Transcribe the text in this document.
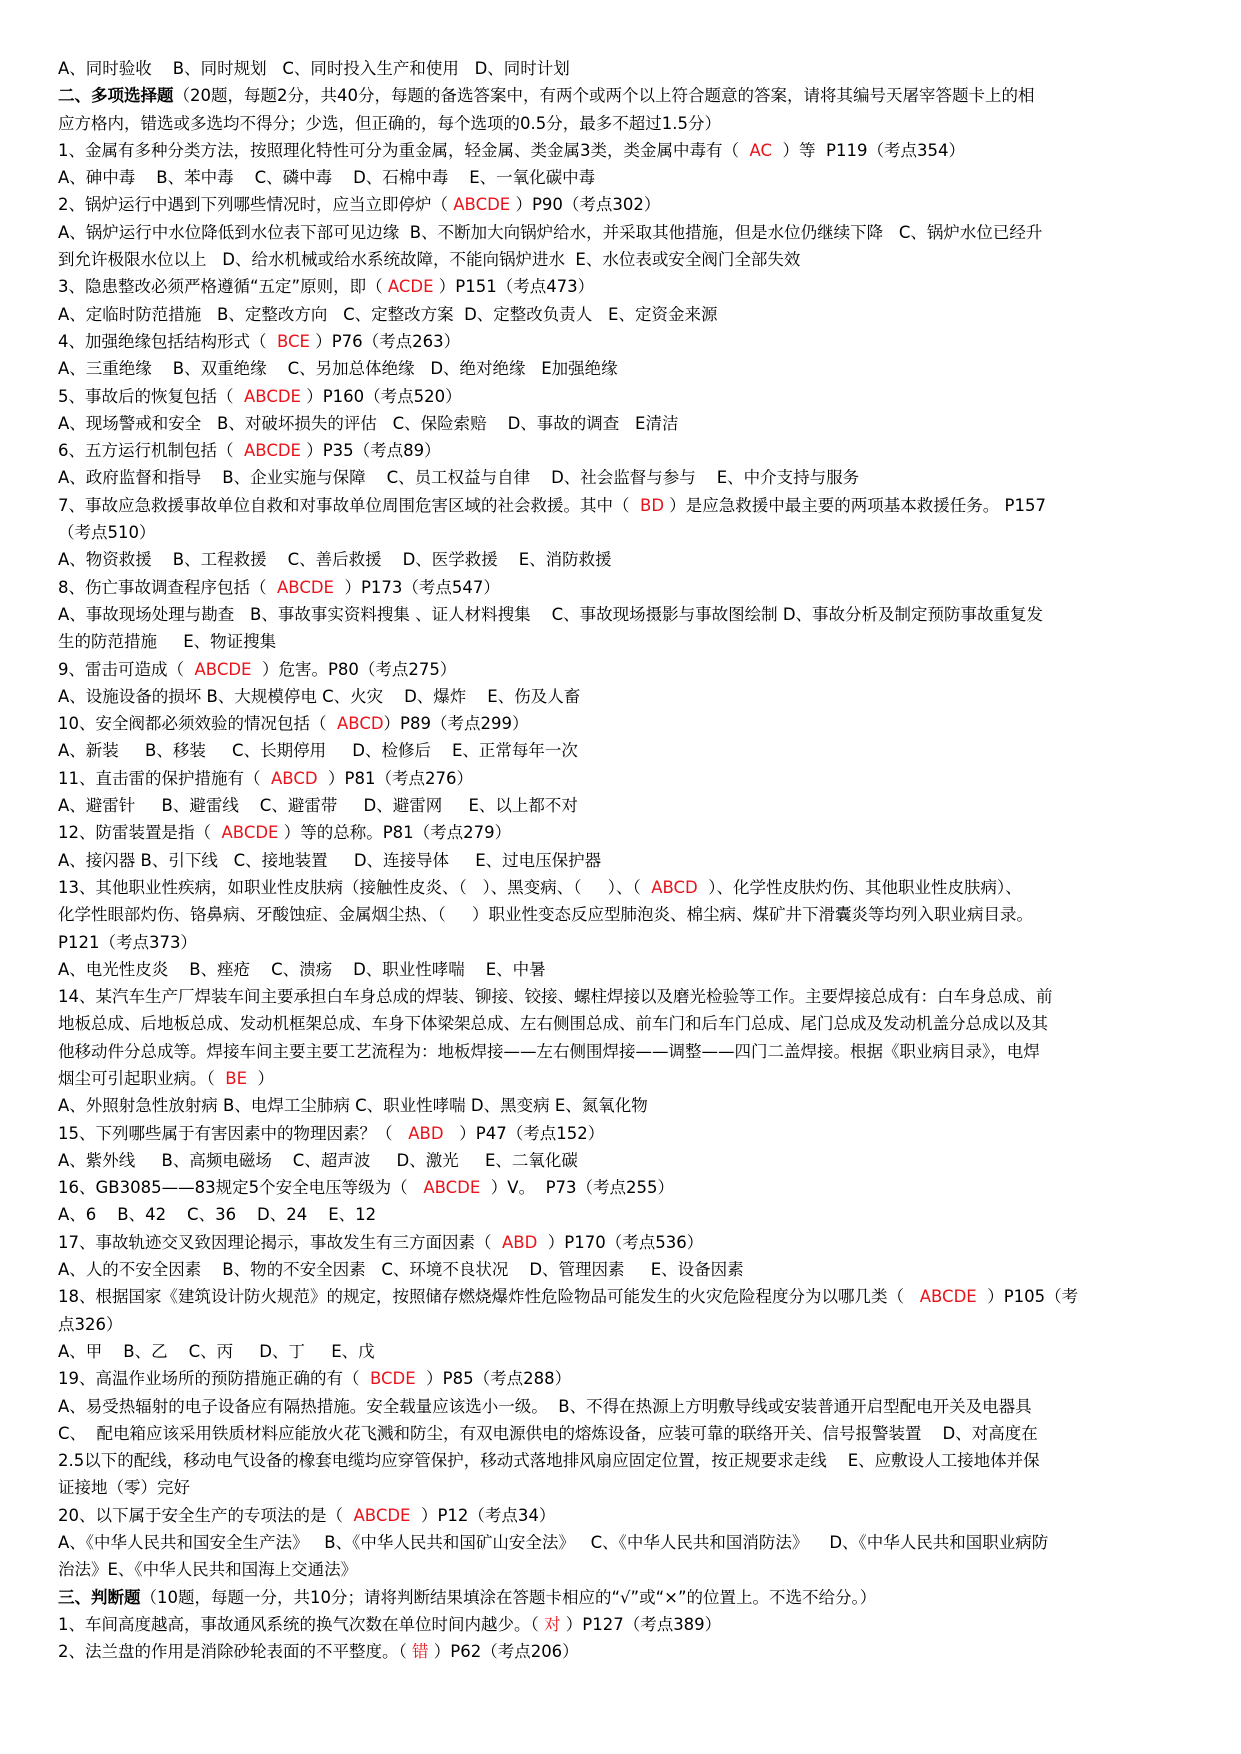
A、同时验收    B、同时规划   C、同时投入生产和使用   D、同时计划
二、多项选择题（20题，每题2分，共40分，每题的备选答案中，有两个或两个以上符合题意的答案，请将其编号天屠宰答题卡上的相
应方格内，错选或多选均不得分；少选，但正确的，每个选项的0.5分，最多不超过1.5分）
1、金属有多种分类方法，按照理化特性可分为重金属，轻金属、类金属3类，类金属中毒有（  AC  ）等  P119（考点354）
A、砷中毒    B、苯中毒    C、磷中毒    D、石棉中毒    E、一氧化碳中毒
2、锅炉运行中遇到下列哪些情况时，应当立即停炉（ ABCDE ）P90（考点302）
A、锅炉运行中水位降低到水位表下部可见边缘  B、不断加大向锅炉给水，并采取其他措施，但是水位仍继续下降   C、锅炉水位已经升
到允许极限水位以上   D、给水机械或给水系统故障，不能向锅炉进水  E、水位表或安全阀门全部失效
3、隐患整改必须严格遵循“五定”原则，即（ ACDE ）P151（考点473）
A、定临时防范措施   B、定整改方向   C、定整改方案  D、定整改负责人   E、定资金来源
4、加强绝缘包括结构形式（  BCE ）P76（考点263）
A、三重绝缘    B、双重绝缘    C、另加总体绝缘   D、绝对绝缘   E加强绝缘
5、事故后的恢复包括（  ABCDE ）P160（考点520）
A、现场警戒和安全   B、对破坏损失的评估   C、保险索赔    D、事故的调查   E清洁
6、五方运行机制包括（  ABCDE ）P35（考点89）
A、政府监督和指导    B、企业实施与保障    C、员工权益与自律    D、社会监督与参与    E、中介支持与服务
7、事故应急救援事故单位自救和对事故单位周围危害区域的社会救援。其中（  BD ）是应急救援中最主要的两项基本救援任务。 P157
（考点510）
A、物资救援    B、工程救援    C、善后救援    D、医学救援    E、消防救援
8、伤亡事故调查程序包括（  ABCDE  ）P173（考点547）
A、事故现场处理与勘查   B、事故事实资料搜集 、证人材料搜集    C、事故现场摄影与事故图绘制 D、事故分析及制定预防事故重复发
生的防范措施     E、物证搜集
9、雷击可造成（  ABCDE  ）危害。P80（考点275）
A、设施设备的损坏 B、大规模停电 C、火灾    D、爆炸    E、伤及人畜
10、安全阀都必须效验的情况包括（  ABCD）P89（考点299）
A、新装     B、移装     C、长期停用     D、检修后    E、正常每年一次
11、直击雷的保护措施有（  ABCD  ）P81（考点276）
A、避雷针     B、避雷线    C、避雷带     D、避雷网     E、以上都不对
12、防雷装置是指（  ABCDE ）等的总称。P81（考点279）
A、接闪器 B、引下线   C、接地装置     D、连接导体     E、过电压保护器
13、其他职业性疾病，如职业性皮肤病（接触性皮炎、（   ）、黑变病、（     ）、（  ABCD  ）、化学性皮肤灼伤、其他职业性皮肤病）、
化学性眼部灼伤、铬鼻病、牙酸蚀症、金属烟尘热、（     ）职业性变态反应型肺泡炎、棉尘病、煤矿井下滑囊炎等均列入职业病目录。
P121（考点373）
A、电光性皮炎    B、痤疮    C、溃疡    D、职业性哮喘    E、中暑
14、某汽车生产厂焊装车间主要承担白车身总成的焊装、铆接、铰接、螺柱焊接以及磨光检验等工作。主要焊接总成有：白车身总成、前
地板总成、后地板总成、发动机框架总成、车身下体梁架总成、左右侧围总成、前车门和后车门总成、尾门总成及发动机盖分总成以及其
他移动件分总成等。焊接车间主要主要工艺流程为：地板焊接——左右侧围焊接——调整——四门二盖焊接。根据《职业病目录》，电焊
烟尘可引起职业病。（  BE  ）
A、外照射急性放射病 B、电焊工尘肺病 C、职业性哮喘 D、黑变病 E、氮氧化物
15、下列哪些属于有害因素中的物理因素？（   ABD   ）P47（考点152）
A、紫外线     B、高频电磁场    C、超声波     D、激光     E、二氧化碳
16、GB3085——83规定5个安全电压等级为（   ABCDE  ）V。  P73（考点255）
A、6    B、42    C、36    D、24    E、12
17、事故轨迹交叉致因理论揭示，事故发生有三方面因素（  ABD  ）P170（考点536）
A、人的不安全因素    B、物的不安全因素   C、环境不良状况    D、管理因素     E、设备因素
18、根据国家《建筑设计防火规范》的规定，按照储存燃烧爆炸性危险物品可能发生的火灾危险程度分为以哪几类（   ABCDE  ）P105（考
点326）
A、甲    B、乙    C、丙     D、丁     E、戊
19、高温作业场所的预防措施正确的有（  BCDE  ）P85（考点288）
A、易受热辐射的电子设备应有隔热措施。安全载量应该选小一级。  B、不得在热源上方明敷导线或安装普通开启型配电开关及电器具
C、  配电箱应该采用铁质材料应能放火花飞溅和防尘，有双电源供电的熔炼设备，应装可靠的联络开关、信号报警装置    D、对高度在
2.5以下的配线，移动电气设备的橡套电缆均应穿管保护，移动式落地排风扇应固定位置，按正规要求走线    E、应敷设人工接地体并保
证接地（零）完好
20、以下属于安全生产的专项法的是（  ABCDE  ）P12（考点34）
A、《中华人民共和国安全生产法》   B、《中华人民共和国矿山安全法》   C、《中华人民共和国消防法》    D、《中华人民共和国职业病防
治法》E、《中华人民共和国海上交通法》
三、判断题（10题，每题一分，共10分；请将判断结果填涂在答题卡相应的“√”或“×”的位置上。不选不给分。）
1、车间高度越高，事故通风系统的换气次数在单位时间内越少。（ 对 ）P127（考点389）
2、法兰盘的作用是消除砂轮表面的不平整度。（ 错 ）P62（考点206）
